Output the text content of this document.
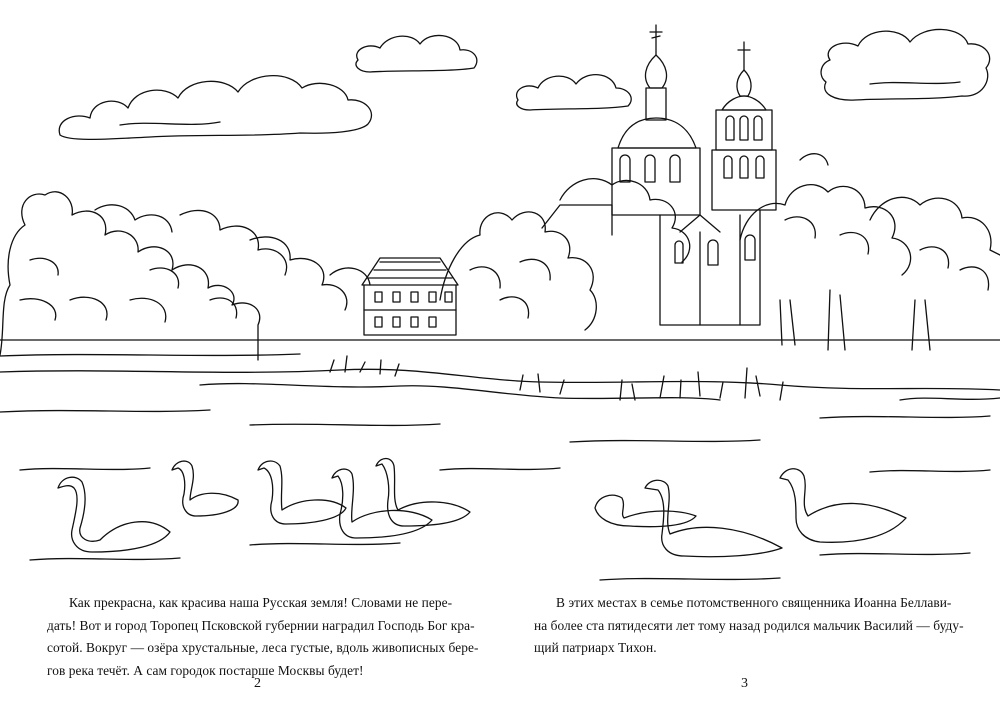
Как прекрасна, как красива наша Русская земля! Словами не пере-

дать! Вот и город Торопец Псковской губернии наградил Господь Бог кра-

сотой. Вокруг — озёра хрустальные, леса густые, вдоль живописных бере-

гов река течёт. А сам городок постарше Москвы будет!

В этих местах в семье потомственного священника Иоанна Беллави-

на более ста пятидесяти лет тому назад родился мальчик Василий — буду-

щий патриарх Тихон.

2	3
